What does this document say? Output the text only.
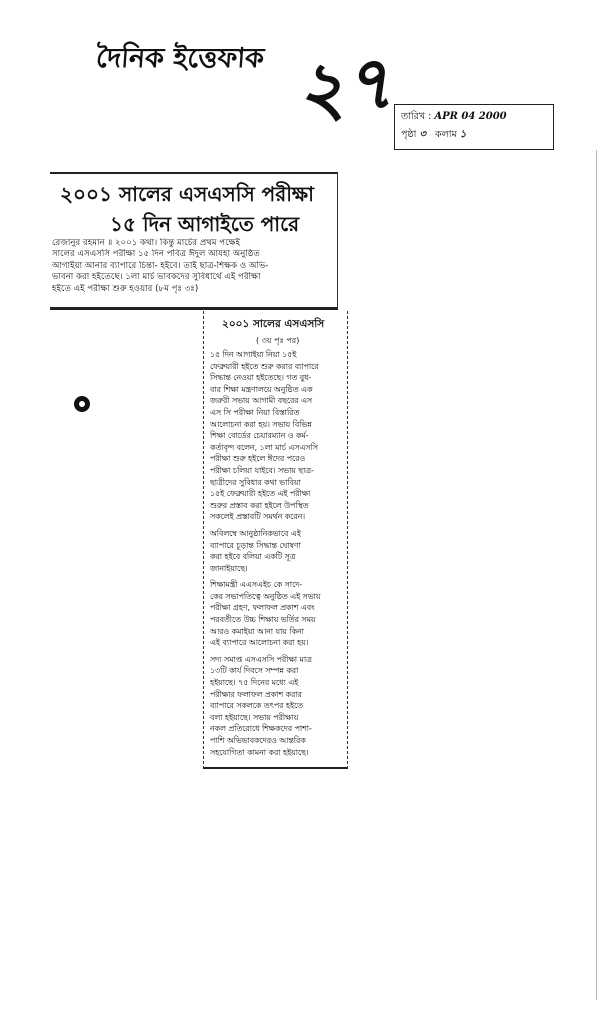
দৈনিক ইত্তেফাক ২৭ তারিখ : APR 04 2000
পৃষ্ঠা ৩ কলাম ১
২০০১ সালের এসএসসি পরীক্ষা
১৫ দিন আগাইতে পারে
রেজানুর রহমান ॥ ২০০১ কথা। কিন্তু মার্চের প্রথম পক্ষেই
সালের এসএসসি পরীক্ষা ১৫ দিন পবিত্র ঈদুল আযহা অনুষ্ঠিত
আগাইয়া আনার ব্যাপারে চিন্তা- হইবে। তাই ছাত্র-শিক্ষক ও অভি-
ভাবনা করা হইতেছে। ১লা মার্চ ভাবকদের সুবিধার্থে এই পরীক্ষা
হইতে এই পরীক্ষা শুরু হওয়ার (৮ম পৃঃ ৩ঃ)
২০০১ সালের এসএসসি
( ৩য় পৃঃ পর)
১৫ দিন আগাইয়া নিয়া ১৫ই
ফেব্রুয়ারী হইতে শুরু করার ব্যাপারে
সিদ্ধান্ত নেওয়া হইতেছে। গত বুধ-
বার শিক্ষা মন্ত্রণালয়ে অনুষ্ঠিত এক
জরুরী সভায় আগামী বছরের এস
এস সি পরীক্ষা নিয়া বিস্তারিত
আলোচনা করা হয়। সভায় বিভিন্ন
শিক্ষা বোর্ডের চেয়ারম্যান ও কর্ম-
কর্তাবৃন্দ বলেন, ১লা মার্চ এসএসসি
পরীক্ষা শুরু হইলে ঈদের পরেও
পরীক্ষা চলিয়া যাইবে। সভায় ছাত্র-
ছাত্রীদের সুবিধার কথা ভাবিয়া
১৫ই ফেব্রুয়ারী হইতে এই পরীক্ষা
শুরুর প্রস্তাব করা হইলে উপস্থিত
সকলেই প্রস্তাবটি সমর্থন করেন।
অবিলম্বে আনুষ্ঠানিকভাবে এই
ব্যাপারে চূড়ান্ত সিদ্ধান্ত ঘোষণা
করা হইবে বলিয়া একটি সূত্র
জানাইয়াছে।
শিক্ষামন্ত্রী এএসএইচ কে সাদে-
কের সভাপতিত্বে অনুষ্ঠিত এই সভায়
পরীক্ষা গ্রহণ, ফলাফল প্রকাশ এবং
পরবর্তীতে উচ্চ শিক্ষায় ভর্তির সময়
আরও কমাইয়া আনা যায় কিনা
এই ব্যাপারে আলোচনা করা হয়।
সদ্য সমাপ্ত এসএসসি পরীক্ষা মাত্র
১৩টি কার্য দিবসে সম্পন্ন করা
হইয়াছে। ৭৫ দিনের মধ্যে এই
পরীক্ষার ফলাফল প্রকাশ করার
ব্যাপারে সকলকে তৎপর হইতে
বলা হইয়াছে। সভায় পরীক্ষায়
নকল প্রতিরোধে শিক্ষকদের পাশা-
পাশি অভিভাবকদেরও আন্তরিক
সহযোগিতা কামনা করা হইয়াছে।
